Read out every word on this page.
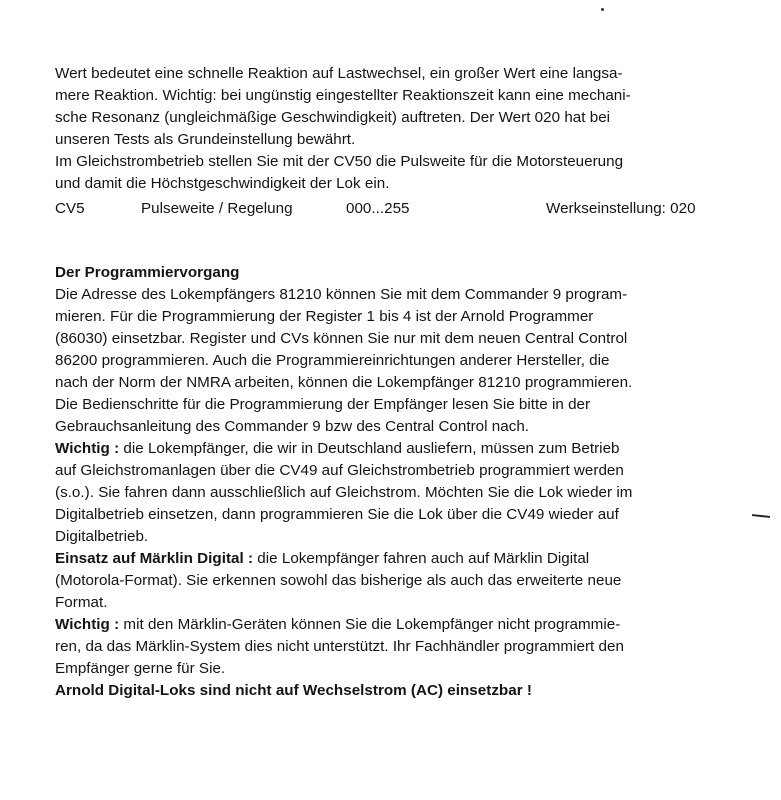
Wert bedeutet eine schnelle Reaktion auf Lastwechsel, ein großer Wert eine langsa-
mere Reaktion. Wichtig: bei ungünstig eingestellter Reaktionszeit kann eine mechani-
sche Resonanz (ungleichmäßige Geschwindigkeit) auftreten. Der Wert 020 hat bei
unseren Tests als Grundeinstellung bewährt.
Im Gleichstrombetrieb stellen Sie mit der CV50 die Pulsweite für die Motorsteuerung
und damit die Höchstgeschwindigkeit der Lok ein.
CV5	Pulseweite / Regelung	000...255	Werkseinstellung: 020
Der Programmiervorgang
Die Adresse des Lokempfängers 81210 können Sie mit dem Commander 9 program-
mieren. Für die Programmierung der Register 1 bis 4 ist der Arnold Programmer
(86030) einsetzbar. Register und CVs können Sie nur mit dem neuen Central Control
86200 programmieren. Auch die Programmiereinrichtungen anderer Hersteller, die
nach der Norm der NMRA arbeiten, können die Lokempfänger 81210 programmieren.
Die Bedienschritte für die Programmierung der Empfänger lesen Sie bitte in der
Gebrauchsanleitung des Commander 9 bzw des Central Control nach.
Wichtig : die Lokempfänger, die wir in Deutschland ausliefern, müssen zum Betrieb
auf Gleichstromanlagen über die CV49 auf Gleichstrombetrieb programmiert werden
(s.o.). Sie fahren dann ausschließlich auf Gleichstrom. Möchten Sie die Lok wieder im
Digitalbetrieb einsetzen, dann programmieren Sie die Lok über die CV49 wieder auf
Digitalbetrieb.
Einsatz auf Märklin Digital : die Lokempfänger fahren auch auf Märklin Digital
(Motorola-Format). Sie erkennen sowohl das bisherige als auch das erweiterte neue
Format.
Wichtig : mit den Märklin-Geräten können Sie die Lokempfänger nicht programmie-
ren, da das Märklin-System dies nicht unterstützt. Ihr Fachhändler programmiert den
Empfänger gerne für Sie.
Arnold Digital-Loks sind nicht auf Wechselstrom (AC) einsetzbar !
